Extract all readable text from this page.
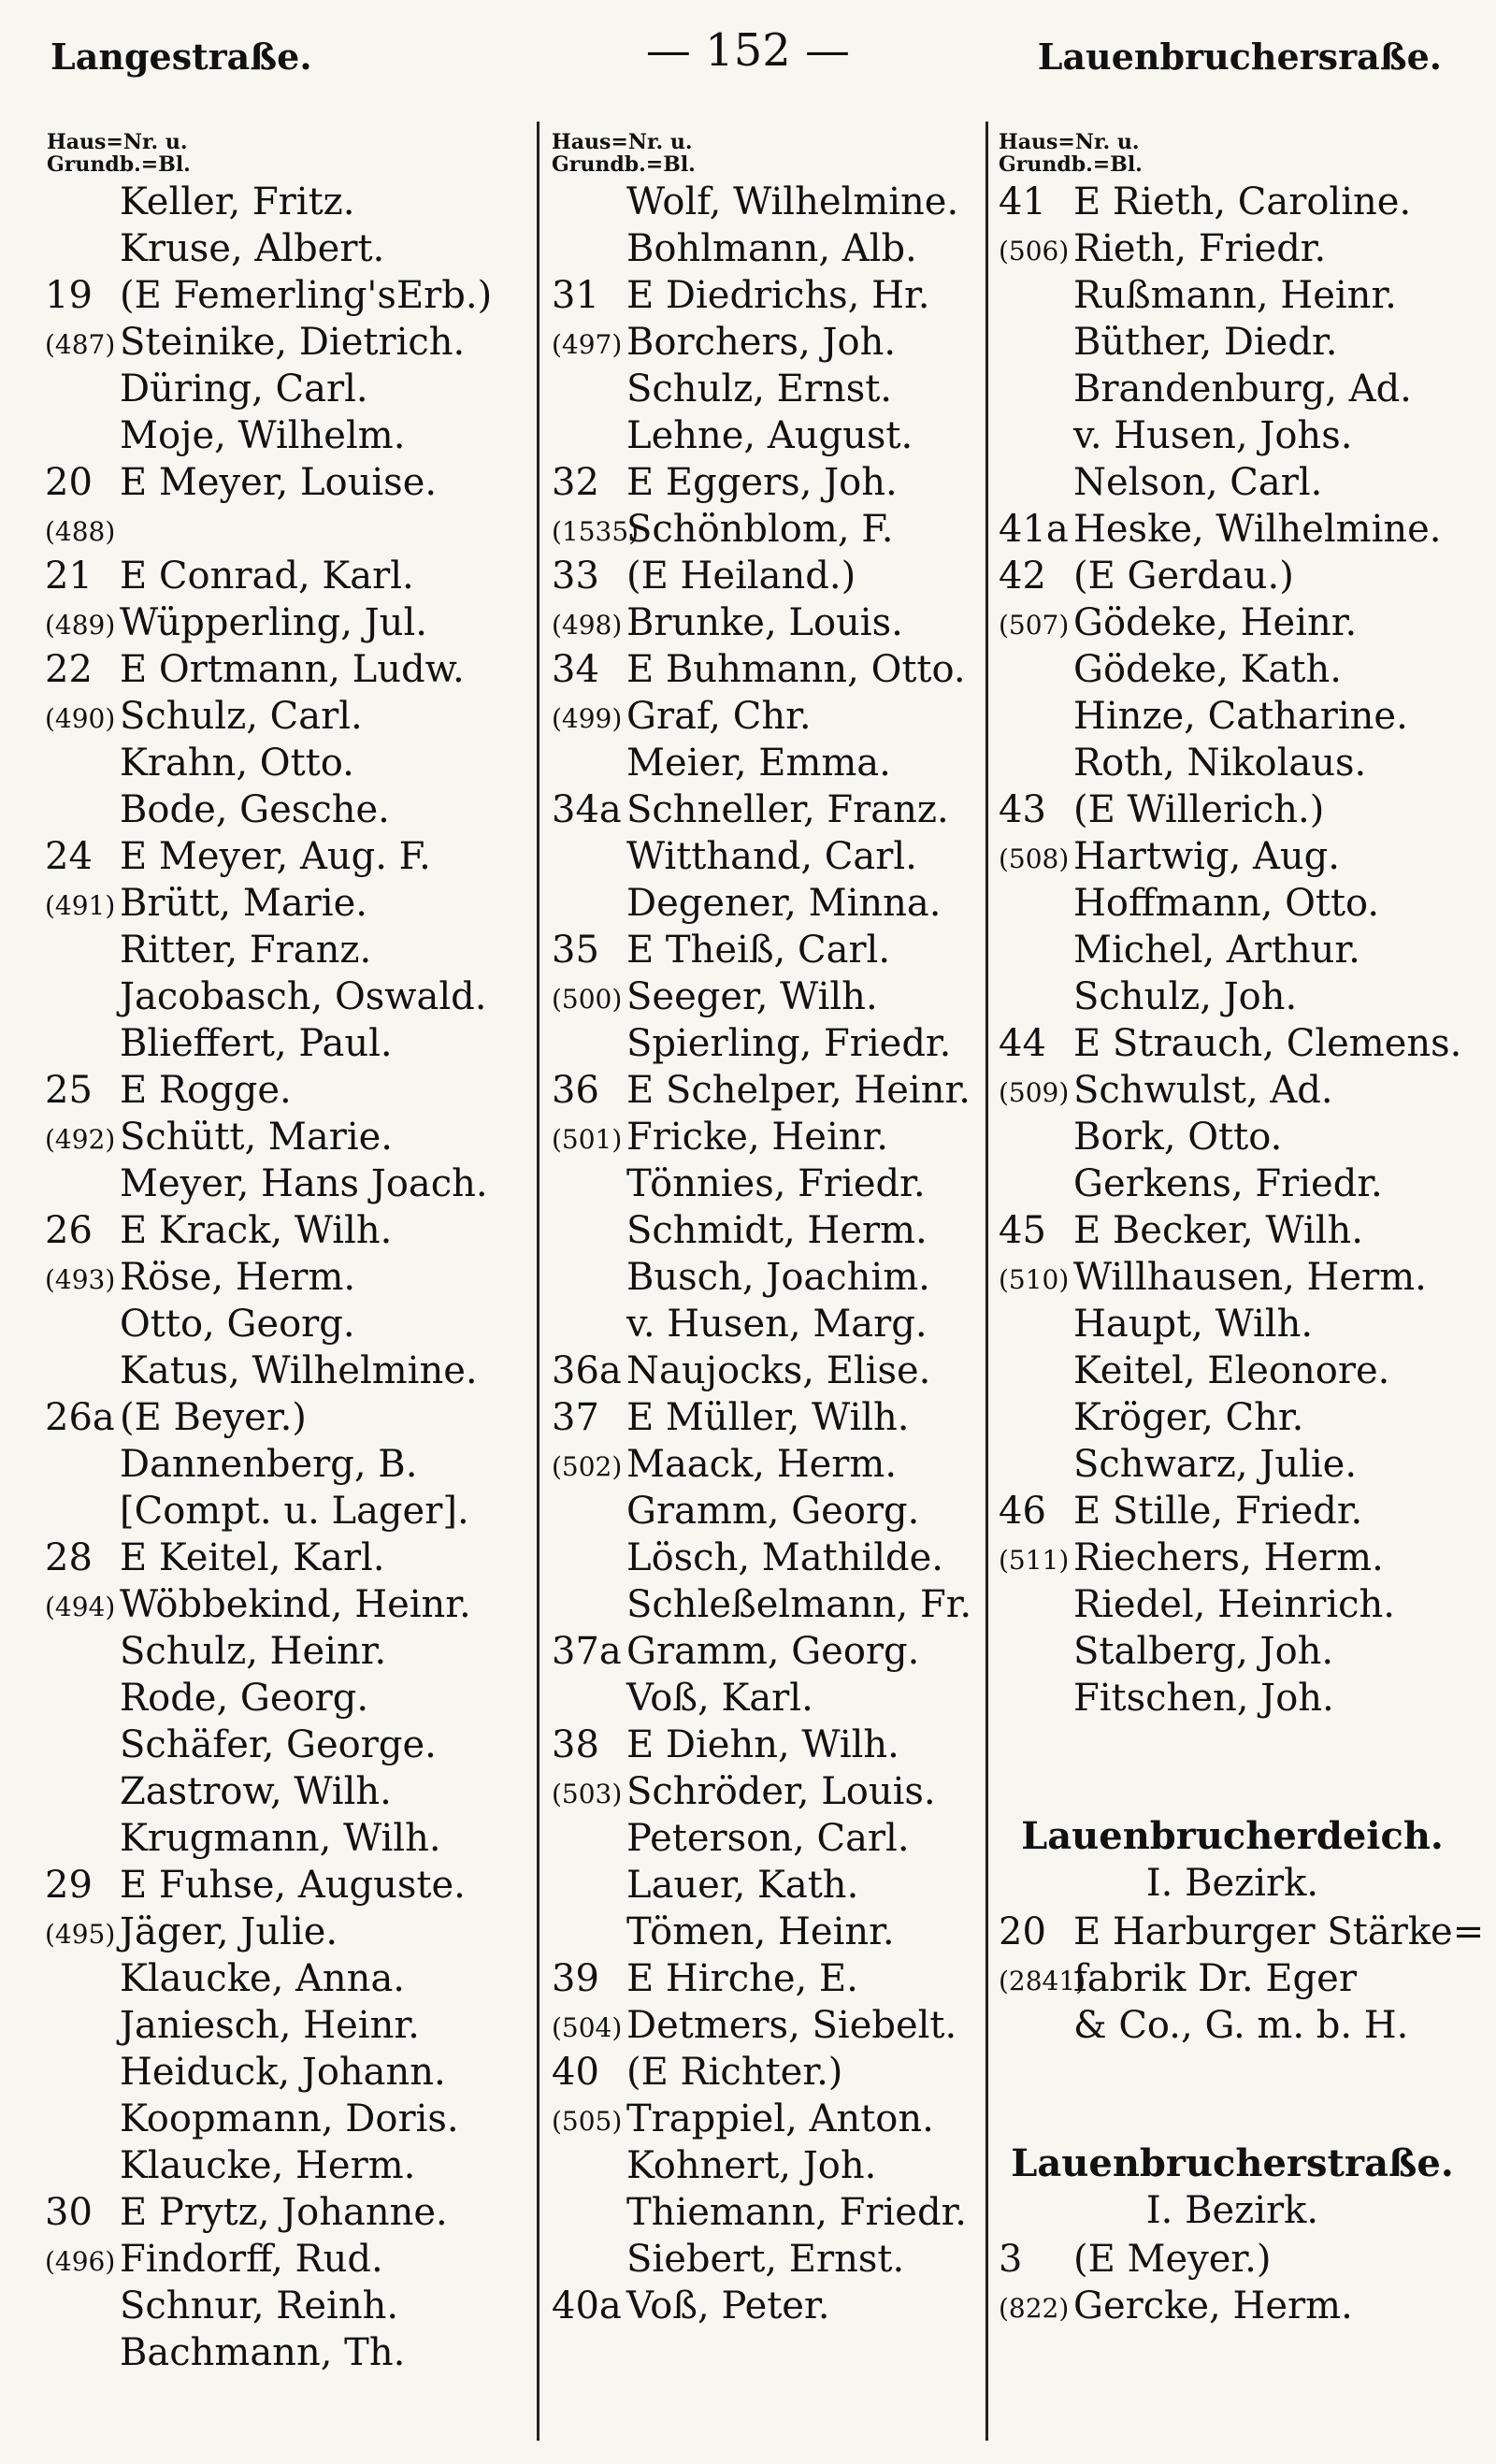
Langestraße.	— 152 —	Lauenbruchersraße.
Haus=Nr. u.
Grundb.=Bl.
Haus=Nr. u.
Grundb.=Bl.
Haus=Nr. u.
Grundb.=Bl.
Keller, Fritz.
Kruse, Albert.
19 (E Femerling'sErb.)
(487) Steinike, Dietrich.
Düring, Carl.
Moje, Wilhelm.
20 E Meyer, Louise.
(488)
21 E Conrad, Karl.
(489) Wüpperling, Jul.
22 E Ortmann, Ludw.
(490) Schulz, Carl.
Krahn, Otto.
Bode, Gesche.
24 E Meyer, Aug. F.
(491) Brütt, Marie.
Ritter, Franz.
Jacobasch, Oswald.
Blieffert, Paul.
25 E Rogge.
(492) Schütt, Marie.
Meyer, Hans Joach.
26 E Krack, Wilh.
(493) Röse, Herm.
Otto, Georg.
Katus, Wilhelmine.
26a (E Beyer.)
Dannenberg, B.
[Compt. u. Lager].
28 E Keitel, Karl.
(494) Wöbbekind, Heinr.
Schulz, Heinr.
Rode, Georg.
Schäfer, George.
Zastrow, Wilh.
Krugmann, Wilh.
29 E Fuhse, Auguste.
(495) Jäger, Julie.
Klaucke, Anna.
Janiesch, Heinr.
Heiduck, Johann.
Koopmann, Doris.
Klaucke, Herm.
30 E Prytz, Johanne.
(496) Findorff, Rud.
Schnur, Reinh.
Bachmann, Th.
Wolf, Wilhelmine.
Bohlmann, Alb.
31 E Diedrichs, Hr.
(497) Borchers, Joh.
Schulz, Ernst.
Lehne, August.
32 E Eggers, Joh.
(1535)
Schönblom, F.
33 (E Heiland.)
(498) Brunke, Louis.
34 E Buhmann, Otto.
(499) Graf, Chr.
Meier, Emma.
34a Schneller, Franz.
Witthand, Carl.
Degener, Minna.
35 E Theiß, Carl.
(500) Seeger, Wilh.
Spierling, Friedr.
36 E Schelper, Heinr.
(501) Fricke, Heinr.
Tönnies, Friedr.
Schmidt, Herm.
Busch, Joachim.
v. Husen, Marg.
36a Naujocks, Elise.
37 E Müller, Wilh.
(502) Maack, Herm.
Gramm, Georg.
Lösch, Mathilde.
Schleßelmann, Fr.
37a Gramm, Georg.
Voß, Karl.
38 E Diehn, Wilh.
(503) Schröder, Louis.
Peterson, Carl.
Lauer, Kath.
Tömen, Heinr.
39 E Hirche, E.
(504) Detmers, Siebelt.
40 (E Richter.)
(505) Trappiel, Anton.
Kohnert, Joh.
Thiemann, Friedr.
Siebert, Ernst.
40a Voß, Peter.
41 E Rieth, Caroline.
(506) Rieth, Friedr.
Rußmann, Heinr.
Büther, Diedr.
Brandenburg, Ad.
v. Husen, Johs.
Nelson, Carl.
41a Heske, Wilhelmine.
42 (E Gerdau.)
(507) Gödeke, Heinr.
Gödeke, Kath.
Hinze, Catharine.
Roth, Nikolaus.
43 (E Willerich.)
(508) Hartwig, Aug.
Hoffmann, Otto.
Michel, Arthur.
Schulz, Joh.
44 E Strauch, Clemens.
(509) Schwulst, Ad.
Bork, Otto.
Gerkens, Friedr.
45 E Becker, Wilh.
(510) Willhausen, Herm.
Haupt, Wilh.
Keitel, Eleonore.
Kröger, Chr.
Schwarz, Julie.
46 E Stille, Friedr.
(511) Riechers, Herm.
Riedel, Heinrich.
Stalberg, Joh.
Fitschen, Joh.
Lauenbrucherdeich.
I. Bezirk.
20 E Harburger Stärke=
(2841)
fabrik Dr. Eger
& Co., G. m. b. H.
Lauenbrucherstraße.
I. Bezirk.
3 (E Meyer.)
(822) Gercke, Herm.
